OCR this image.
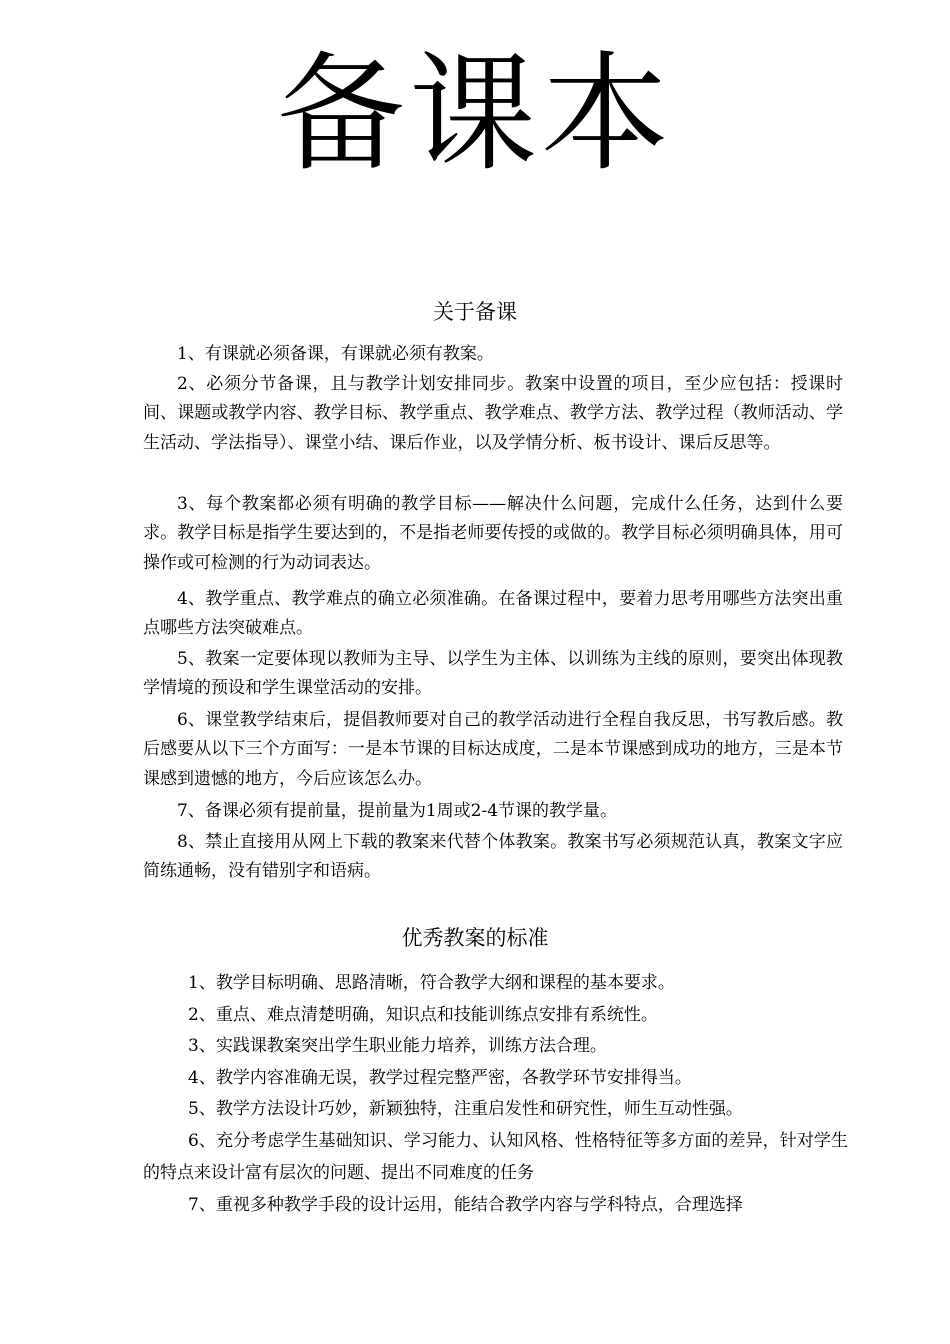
备课本
关于备课

1、有课就必须备课，有课就必须有教案。

2、必须分节备课，且与教学计划安排同步。教案中设置的项目，至少应包括：授课时间、课题或教学内容、教学目标、教学重点、教学难点、教学方法、教学过程（教师活动、学生活动、学法指导）、课堂小结、课后作业，以及学情分析、板书设计、课后反思等。

3、每个教案都必须有明确的教学目标——解决什么问题，完成什么任务，达到什么要求。教学目标是指学生要达到的，不是指老师要传授的或做的。教学目标必须明确具体，用可操作或可检测的行为动词表达。

4、教学重点、教学难点的确立必须准确。在备课过程中，要着力思考用哪些方法突出重点哪些方法突破难点。

5、教案一定要体现以教师为主导、以学生为主体、以训练为主线的原则，要突出体现教学情境的预设和学生课堂活动的安排。

6、课堂教学结束后，提倡教师要对自己的教学活动进行全程自我反思，书写教后感。教后感要从以下三个方面写：一是本节课的目标达成度，二是本节课感到成功的地方，三是本节课感到遗憾的地方，今后应该怎么办。

7、备课必须有提前量，提前量为1周或2-4节课的教学量。

8、禁止直接用从网上下载的教案来代替个体教案。教案书写必须规范认真，教案文字应简练通畅，没有错别字和语病。

优秀教案的标准

1、教学目标明确、思路清晰，符合教学大纲和课程的基本要求。

2、重点、难点清楚明确，知识点和技能训练点安排有系统性。

3、实践课教案突出学生职业能力培养，训练方法合理。

4、教学内容准确无误，教学过程完整严密，各教学环节安排得当。

5、教学方法设计巧妙，新颖独特，注重启发性和研究性，师生互动性强。

6、充分考虑学生基础知识、学习能力、认知风格、性格特征等多方面的差异，针对学生的特点来设计富有层次的问题、提出不同难度的任务

7、重视多种教学手段的设计运用，能结合教学内容与学科特点，合理选择
